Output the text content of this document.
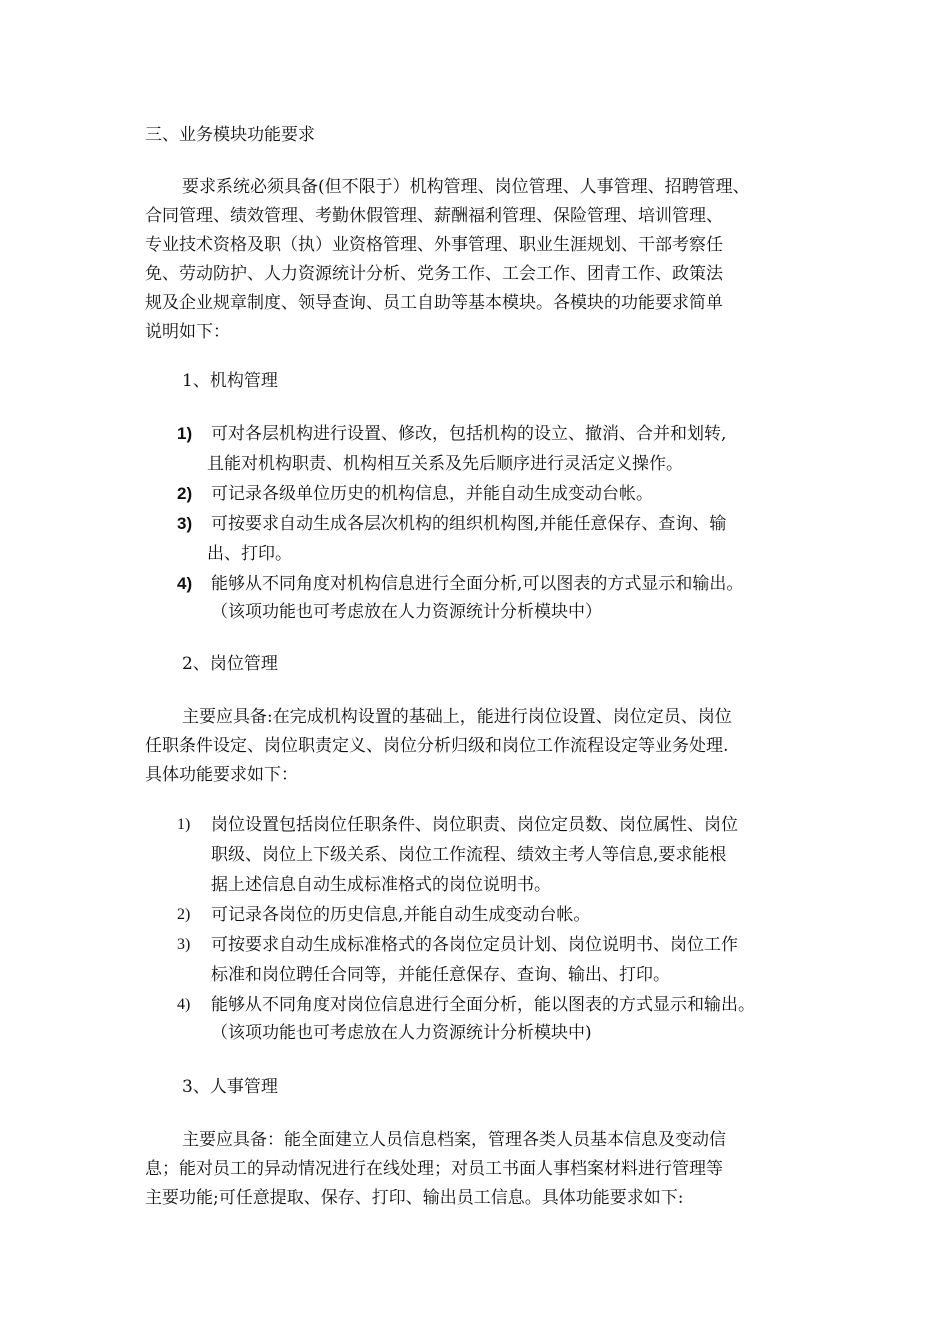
三、业务模块功能要求
要求系统必须具备(但不限于）机构管理、岗位管理、人事管理、招聘管理、
合同管理、绩效管理、考勤休假管理、薪酬福利管理、保险管理、培训管理、
专业技术资格及职（执）业资格管理、外事管理、职业生涯规划、干部考察任
免、劳动防护、人力资源统计分析、党务工作、工会工作、团青工作、政策法
规及企业规章制度、领导查询、员工自助等基本模块。各模块的功能要求简单
说明如下：
1、机构管理
1) 可对各层机构进行设置、修改，包括机构的设立、撤消、合并和划转,
且能对机构职责、机构相互关系及先后顺序进行灵活定义操作。
2) 可记录各级单位历史的机构信息，并能自动生成变动台帐。
3) 可按要求自动生成各层次机构的组织机构图,并能任意保存、查询、输
出、打印。
4) 能够从不同角度对机构信息进行全面分析,可以图表的方式显示和输出。
（该项功能也可考虑放在人力资源统计分析模块中）
2、岗位管理
主要应具备:在完成机构设置的基础上，能进行岗位设置、岗位定员、岗位
任职条件设定、岗位职责定义、岗位分析归级和岗位工作流程设定等业务处理.
具体功能要求如下：
1) 岗位设置包括岗位任职条件、岗位职责、岗位定员数、岗位属性、岗位
职级、岗位上下级关系、岗位工作流程、绩效主考人等信息,要求能根
据上述信息自动生成标准格式的岗位说明书。
2) 可记录各岗位的历史信息,并能自动生成变动台帐。
3) 可按要求自动生成标准格式的各岗位定员计划、岗位说明书、岗位工作
标准和岗位聘任合同等，并能任意保存、查询、输出、打印。
4) 能够从不同角度对岗位信息进行全面分析，能以图表的方式显示和输出。
（该项功能也可考虑放在人力资源统计分析模块中)
3、人事管理
主要应具备：能全面建立人员信息档案，管理各类人员基本信息及变动信
息；能对员工的异动情况进行在线处理；对员工书面人事档案材料进行管理等
主要功能;可任意提取、保存、打印、输出员工信息。具体功能要求如下:
